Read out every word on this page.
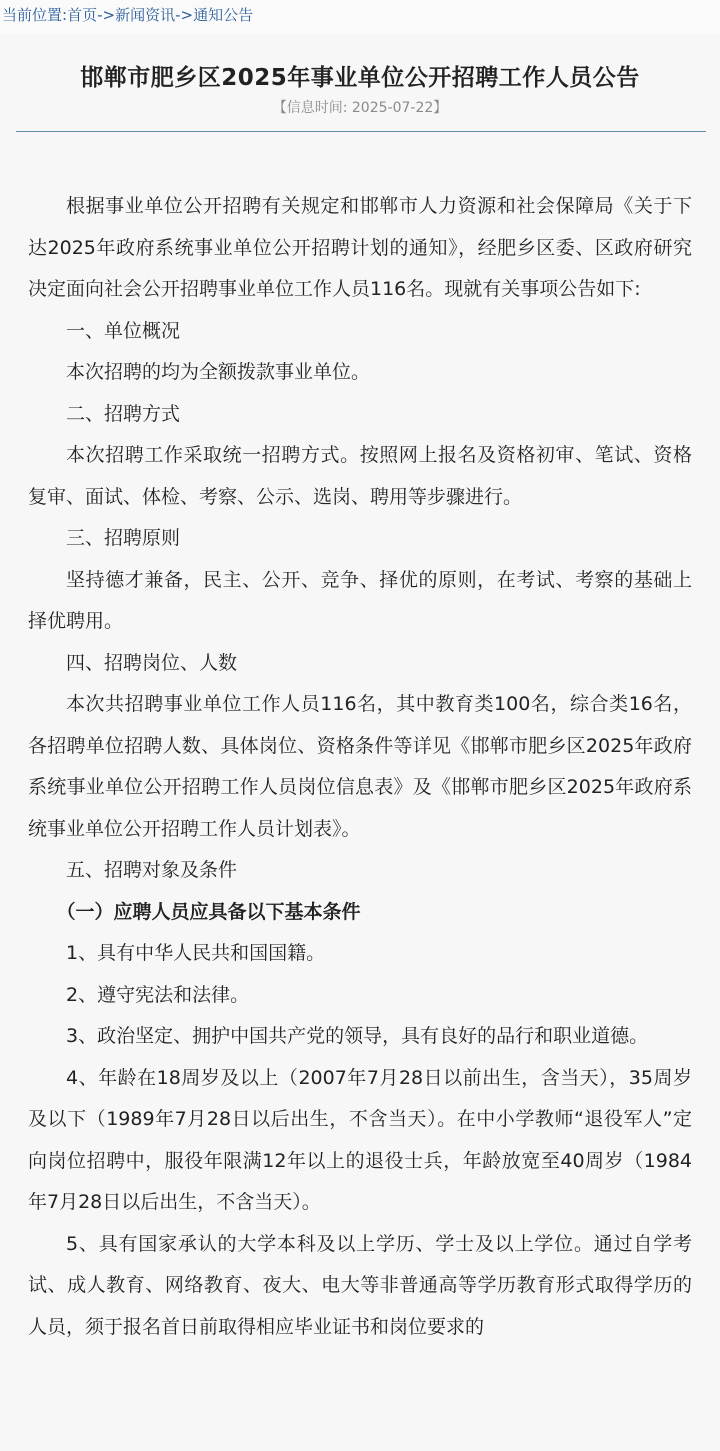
当前位置:首页->新闻资讯->通知公告
邯郸市肥乡区2025年事业单位公开招聘工作人员公告
【信息时间: 2025-07-22】

根据事业单位公开招聘有关规定和邯郸市人力资源和社会保障局《关于下达2025年政府系统事业单位公开招聘计划的通知》，经肥乡区委、区政府研究决定面向社会公开招聘事业单位工作人员116名。现就有关事项公告如下:

一、单位概况

本次招聘的均为全额拨款事业单位。

二、招聘方式

本次招聘工作采取统一招聘方式。按照网上报名及资格初审、笔试、资格复审、面试、体检、考察、公示、选岗、聘用等步骤进行。

三、招聘原则

坚持德才兼备，民主、公开、竞争、择优的原则，在考试、考察的基础上择优聘用。

四、招聘岗位、人数

本次共招聘事业单位工作人员116名，其中教育类100名，综合类16名，各招聘单位招聘人数、具体岗位、资格条件等详见《邯郸市肥乡区2025年政府系统事业单位公开招聘工作人员岗位信息表》及《邯郸市肥乡区2025年政府系统事业单位公开招聘工作人员计划表》。

五、招聘对象及条件

（一）应聘人员应具备以下基本条件

1、具有中华人民共和国国籍。

2、遵守宪法和法律。

3、政治坚定、拥护中国共产党的领导，具有良好的品行和职业道德。

4、年龄在18周岁及以上（2007年7月28日以前出生，含当天），35周岁及以下（1989年7月28日以后出生，不含当天）。在中小学教师“退役军人”定向岗位招聘中，服役年限满12年以上的退役士兵，年龄放宽至40周岁（1984年7月28日以后出生，不含当天）。

5、具有国家承认的大学本科及以上学历、学士及以上学位。通过自学考试、成人教育、网络教育、夜大、电大等非普通高等学历教育形式取得学历的人员，须于报名首日前取得相应毕业证书和岗位要求的
